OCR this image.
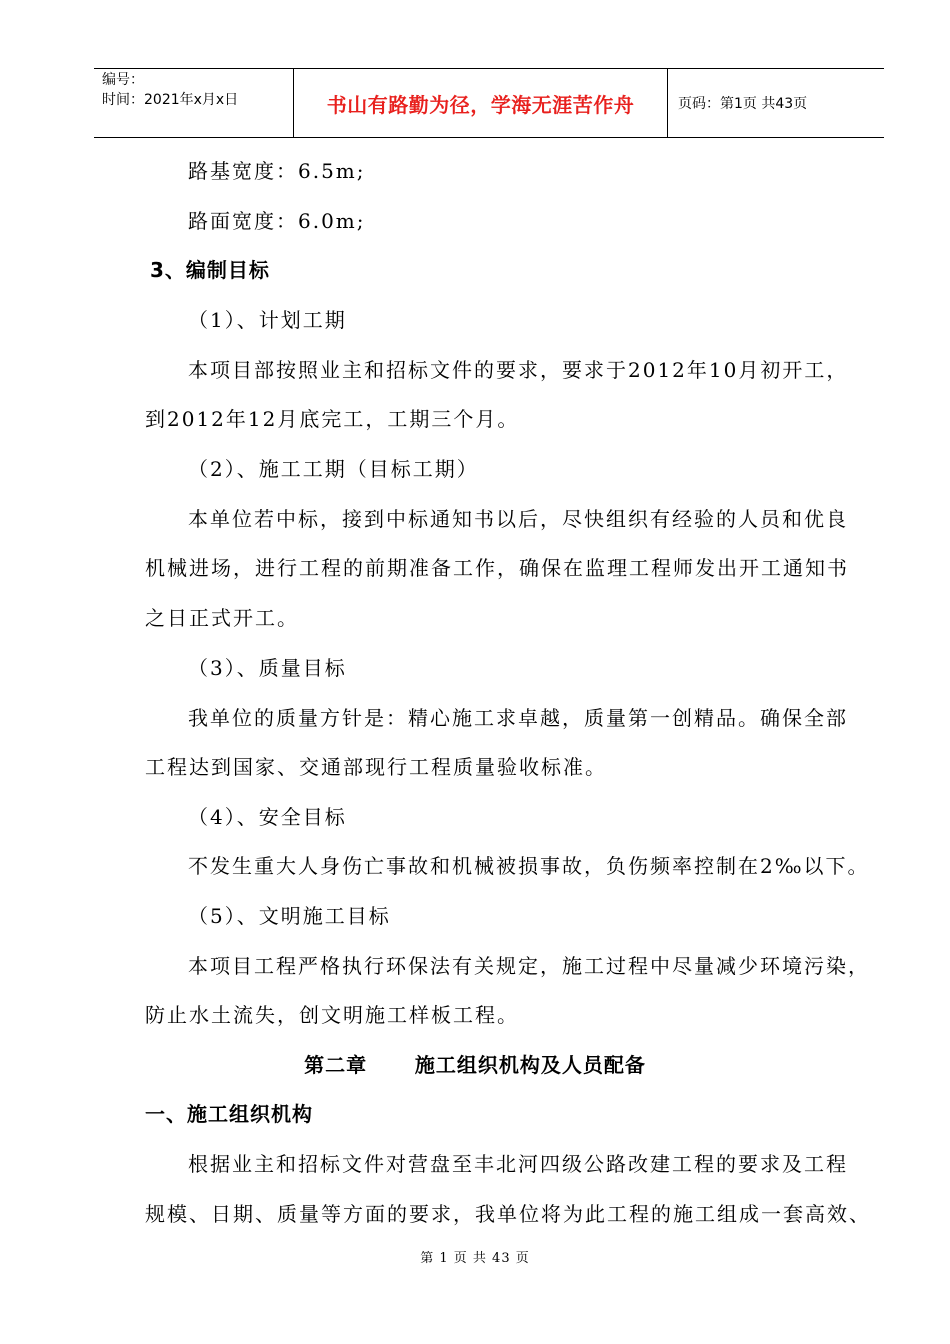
编号：
时间：2021年x月x日	书山有路勤为径，学海无涯苦作舟	页码：第1页 共43页
路基宽度：6.5m;
路面宽度：6.0m;
3、编制目标
（1）、计划工期
本项目部按照业主和招标文件的要求，要求于2012年10月初开工，
到2012年12月底完工，工期三个月。
（2）、施工工期（目标工期）
本单位若中标，接到中标通知书以后，尽快组织有经验的人员和优良
机械进场，进行工程的前期准备工作，确保在监理工程师发出开工通知书
之日正式开工。
（3）、质量目标
我单位的质量方针是：精心施工求卓越，质量第一创精品。确保全部
工程达到国家、交通部现行工程质量验收标准。
（4）、安全目标
不发生重大人身伤亡事故和机械被损事故，负伤频率控制在2‰以下。
（5）、文明施工目标
本项目工程严格执行环保法有关规定，施工过程中尽量减少环境污染，
防止水土流失，创文明施工样板工程。
第二章      施工组织机构及人员配备
一、施工组织机构
根据业主和招标文件对营盘至丰北河四级公路改建工程的要求及工程
规模、日期、质量等方面的要求，我单位将为此工程的施工组成一套高效、
第 1 页 共 43 页
